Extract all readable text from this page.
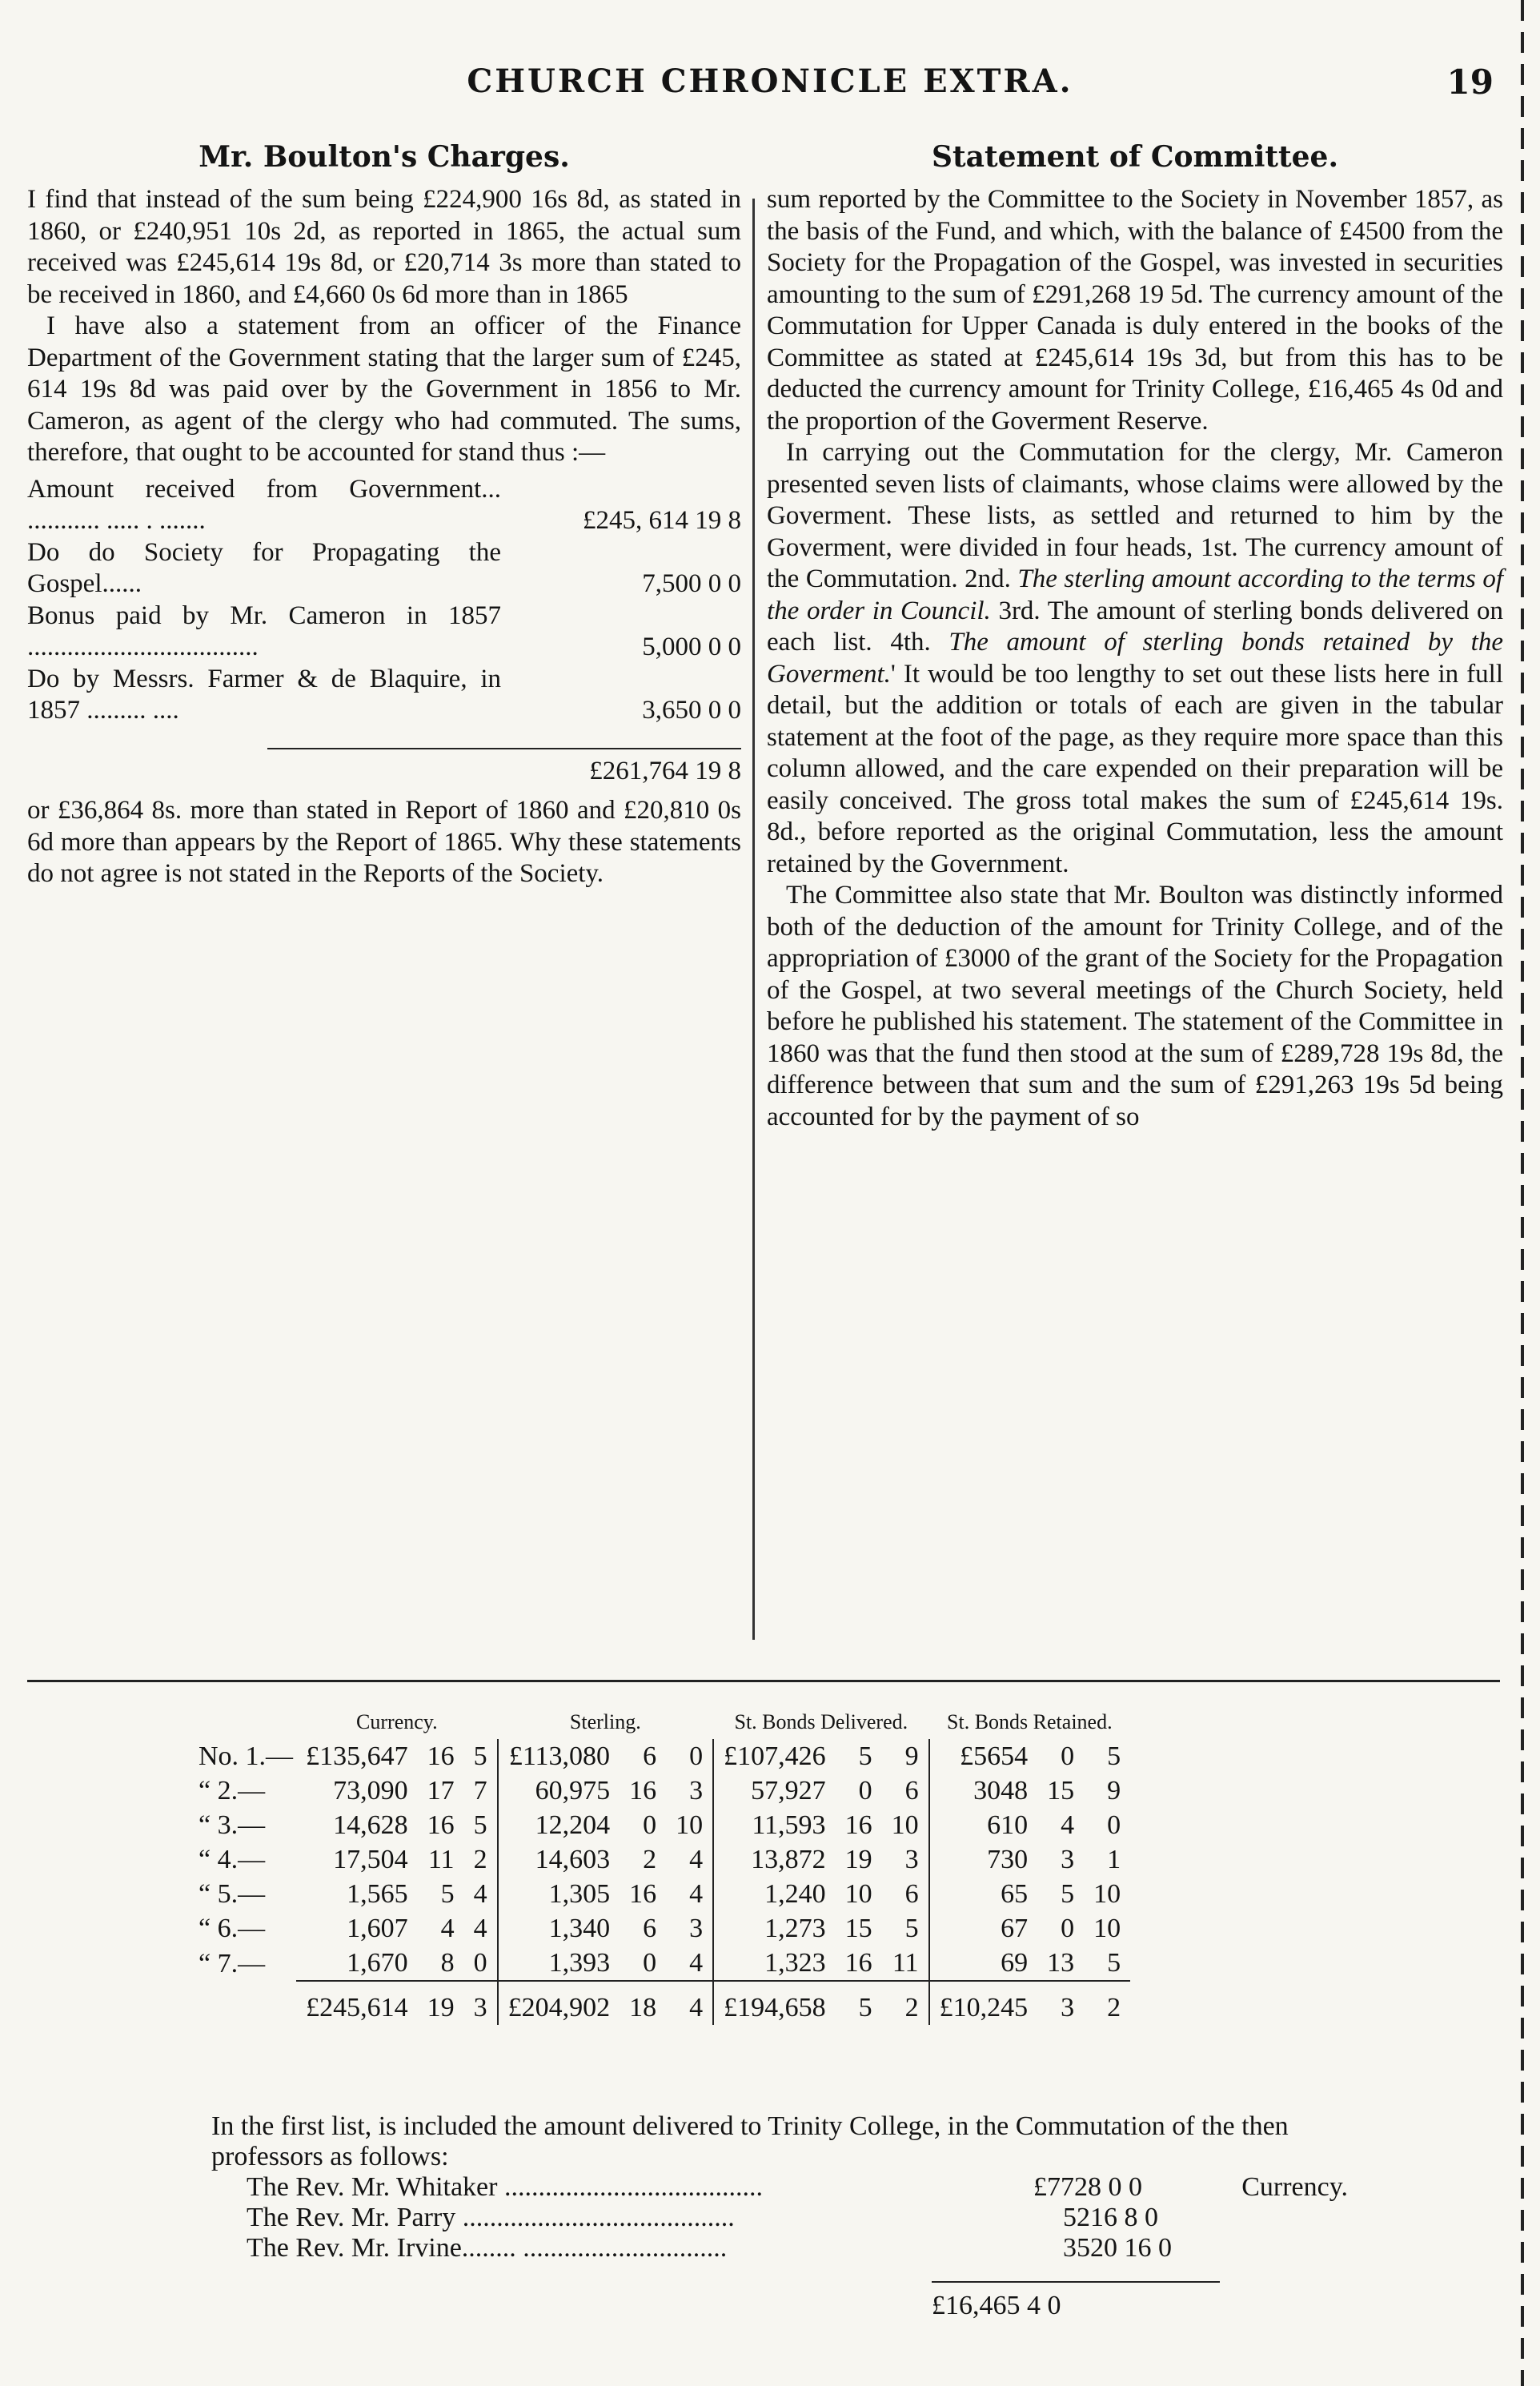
CHURCH CHRONICLE EXTRA.	19
Mr. Boulton's Charges.

I find that instead of the sum being £224,900 16s 8d, as stated in 1860, or £240,951 10s 2d, as reported in 1865, the actual sum received was £245,614 19s 8d, or £20,714 3s more than stated to be received in 1860, and £4,660 0s 6d more than in 1865

I have also a statement from an officer of the Finance Department of the Government stating that the larger sum of £245, 614 19s 8d was paid over by the Government in 1856 to Mr. Cameron, as agent of the clergy who had commuted. The sums, therefore, that ought to be accounted for stand thus :—

Amount received from Government... ........... ..... . .......	£245, 614 19 8
Do do Society for Propagating the Gospel......	7,500 0 0
Bonus paid by Mr. Cameron in 1857 ...................................	5,000 0 0
Do by Messrs. Farmer & de Blaquire, in 1857 ......... ....	3,650 0 0
£261,764 19 8

or £36,864 8s. more than stated in Report of 1860 and £20,810 0s 6d more than appears by the Report of 1865. Why these statements do not agree is not stated in the Reports of the Society.

Statement of Committee.

sum reported by the Committee to the Society in November 1857, as the basis of the Fund, and which, with the balance of £4500 from the Society for the Propagation of the Gospel, was invested in securities amounting to the sum of £291,268 19 5d. The currency amount of the Commutation for Upper Canada is duly entered in the books of the Committee as stated at £245,614 19s 3d, but from this has to be deducted the currency amount for Trinity College, £16,465 4s 0d and the proportion of the Goverment Reserve.

In carrying out the Commutation for the clergy, Mr. Cameron presented seven lists of claimants, whose claims were allowed by the Goverment. These lists, as settled and returned to him by the Goverment, were divided in four heads, 1st. The currency amount of the Commutation. 2nd. The sterling amount according to the terms of the order in Council. 3rd. The amount of sterling bonds delivered on each list. 4th. The amount of sterling bonds retained by the Goverment.' It would be too lengthy to set out these lists here in full detail, but the addition or totals of each are given in the tabular statement at the foot of the page, as they require more space than this column allowed, and the care expended on their preparation will be easily conceived. The gross total makes the sum of £245,614 19s. 8d., before reported as the original Commutation, less the amount retained by the Government.

The Committee also state that Mr. Boulton was distinctly informed both of the deduction of the amount for Trinity College, and of the appropriation of £3000 of the grant of the Society for the Propagation of the Gospel, at two several meetings of the Church Society, held before he published his statement. The statement of the Committee in 1860 was that the fund then stood at the sum of £289,728 19s 8d, the difference between that sum and the sum of £291,263 19s 5d being accounted for by the payment of so

	Currency.			Sterling.			St. Bonds Delivered.			St. Bonds Retained.		
No. 1.—	£135,647	16	5	£113,080	6	0	£107,426	5	9	£5654	0	5
“ 2.—	73,090	17	7	60,975	16	3	57,927	0	6	3048	15	9
“ 3.—	14,628	16	5	12,204	0	10	11,593	16	10	610	4	0
“ 4.—	17,504	11	2	14,603	2	4	13,872	19	3	730	3	1
“ 5.—	1,565	5	4	1,305	16	4	1,240	10	6	65	5	10
“ 6.—	1,607	4	4	1,340	6	3	1,273	15	5	67	0	10
“ 7.—	1,670	8	0	1,393	0	4	1,323	16	11	69	13	5
	£245,614	19	3	£204,902	18	4	£194,658	5	2	£10,245	3	2

In the first list, is included the amount delivered to Trinity College, in the Commutation of the then professors as follows:

The Rev. Mr. Whitaker ......................................	£7728 0 0	Currency.
The Rev. Mr. Parry ........................................	5216 8 0
The Rev. Mr. Irvine........ ..............................	3520 16 0
£16,465 4 0
